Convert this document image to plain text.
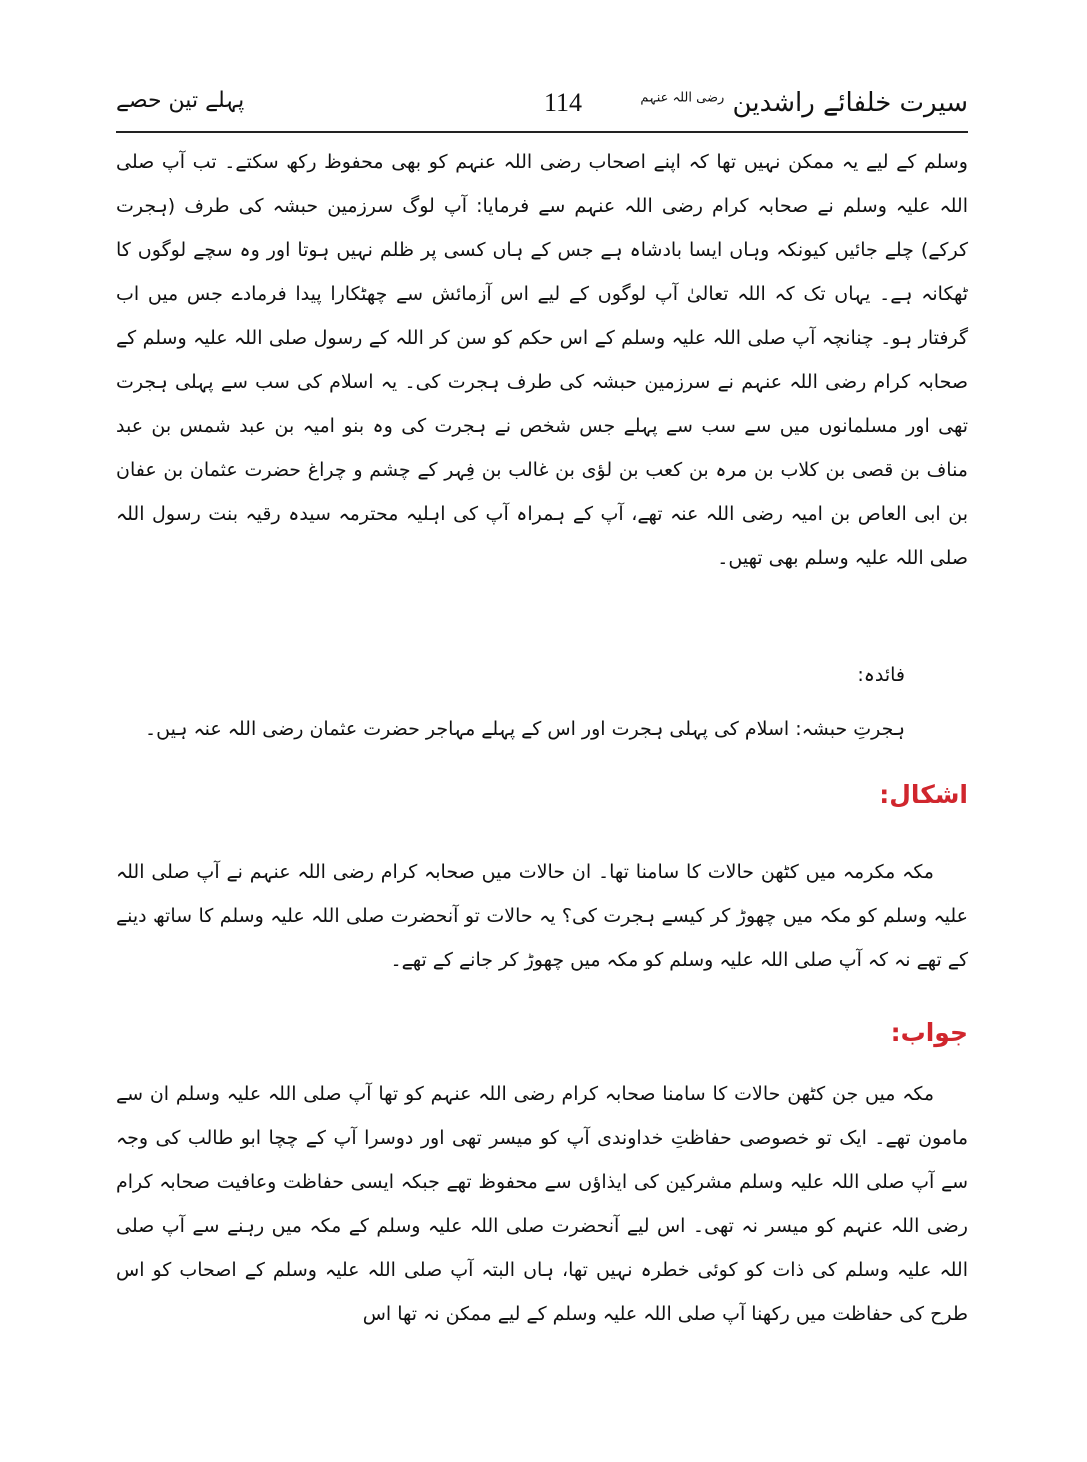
سیرت خلفائے راشدین $^{رضی اللہ عنہم}$
114
پہلے تین حصے

وسلم کے لیے یہ ممکن نہیں تھا کہ اپنے اصحاب رضی اللہ عنہم کو بھی محفوظ رکھ سکتے۔ تب آپ صلی اللہ علیہ وسلم نے صحابہ کرام رضی اللہ عنہم سے فرمایا: آپ لوگ سرزمین حبشہ کی طرف (ہجرت کرکے) چلے جائیں کیونکہ وہاں ایسا بادشاہ ہے جس کے ہاں کسی پر ظلم نہیں ہوتا اور وہ سچے لوگوں کا ٹھکانہ ہے۔ یہاں تک کہ اللہ تعالیٰ آپ لوگوں کے لیے اس آزمائش سے چھٹکارا پیدا فرمادے جس میں اب گرفتار ہو۔ چنانچہ آپ صلی اللہ علیہ وسلم کے اس حکم کو سن کر اللہ کے رسول صلی اللہ علیہ وسلم کے صحابہ کرام رضی اللہ عنہم نے سرزمین حبشہ کی طرف ہجرت کی۔ یہ اسلام کی سب سے پہلی ہجرت تھی اور مسلمانوں میں سے سب سے پہلے جس شخص نے ہجرت کی وہ بنو امیہ بن عبد شمس بن عبد مناف بن قصی بن کلاب بن مرہ بن کعب بن لؤی بن غالب بن فِہر کے چشم و چراغ حضرت عثمان بن عفان بن ابی العاص بن امیہ رضی اللہ عنہ تھے، آپ کے ہمراہ آپ کی اہلیہ محترمہ سیدہ رقیہ بنت رسول اللہ صلی اللہ علیہ وسلم بھی تھیں۔

فائدہ:
ہجرتِ حبشہ: اسلام کی پہلی ہجرت اور اس کے پہلے مہاجر حضرت عثمان رضی اللہ عنہ ہیں۔
اشکال:

مکہ مکرمہ میں کٹھن حالات کا سامنا تھا۔ ان حالات میں صحابہ کرام رضی اللہ عنہم نے آپ صلی اللہ علیہ وسلم کو مکہ میں چھوڑ کر کیسے ہجرت کی؟ یہ حالات تو آنحضرت صلی اللہ علیہ وسلم کا ساتھ دینے کے تھے نہ کہ آپ صلی اللہ علیہ وسلم کو مکہ میں چھوڑ کر جانے کے تھے۔

جواب:

مکہ میں جن کٹھن حالات کا سامنا صحابہ کرام رضی اللہ عنہم کو تھا آپ صلی اللہ علیہ وسلم ان سے مامون تھے۔ ایک تو خصوصی حفاظتِ خداوندی آپ کو میسر تھی اور دوسرا آپ کے چچا ابو طالب کی وجہ سے آپ صلی اللہ علیہ وسلم مشرکین کی ایذاؤں سے محفوظ تھے جبکہ ایسی حفاظت وعافیت صحابہ کرام رضی اللہ عنہم کو میسر نہ تھی۔ اس لیے آنحضرت صلی اللہ علیہ وسلم کے مکہ میں رہنے سے آپ صلی اللہ علیہ وسلم کی ذات کو کوئی خطرہ نہیں تھا، ہاں البتہ آپ صلی اللہ علیہ وسلم کے اصحاب کو اس طرح کی حفاظت میں رکھنا آپ صلی اللہ علیہ وسلم کے لیے ممکن نہ تھا اس
